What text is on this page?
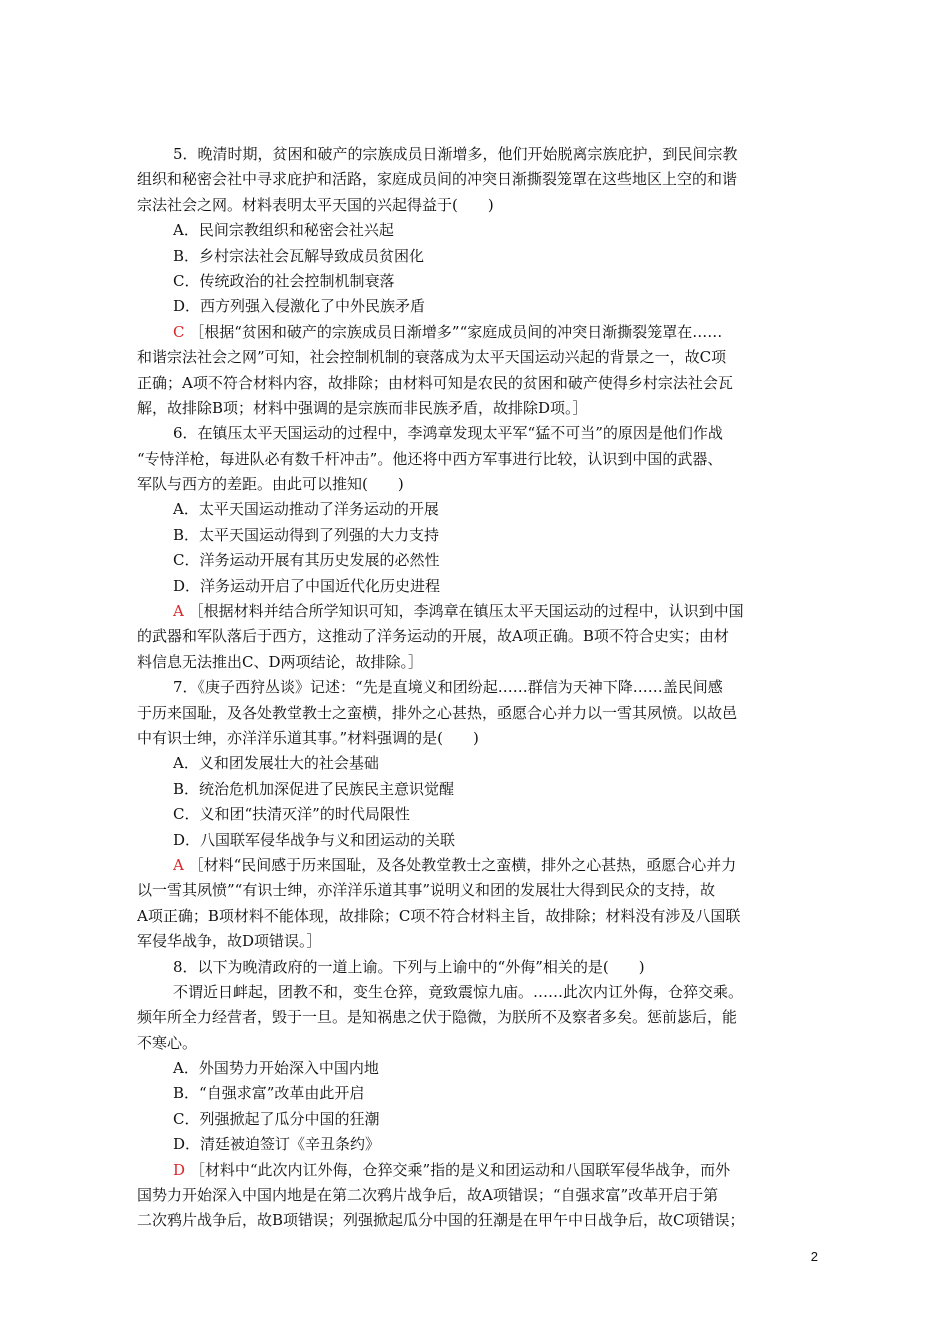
5．晚清时期，贫困和破产的宗族成员日渐增多，他们开始脱离宗族庇护，到民间宗教
组织和秘密会社中寻求庇护和活路，家庭成员间的冲突日渐撕裂笼罩在这些地区上空的和谐
宗法社会之网。材料表明太平天国的兴起得益于(　　)
A．民间宗教组织和秘密会社兴起
B．乡村宗法社会瓦解导致成员贫困化
C．传统政治的社会控制机制衰落
D．西方列强入侵激化了中外民族矛盾
C ［根据“贫困和破产的宗族成员日渐增多”“家庭成员间的冲突日渐撕裂笼罩在……
和谐宗法社会之网”可知，社会控制机制的衰落成为太平天国运动兴起的背景之一，故C项
正确；A项不符合材料内容，故排除；由材料可知是农民的贫困和破产使得乡村宗法社会瓦
解，故排除B项；材料中强调的是宗族而非民族矛盾，故排除D项。］
6．在镇压太平天国运动的过程中，李鸿章发现太平军“猛不可当”的原因是他们作战
“专恃洋枪，每进队必有数千杆冲击”。他还将中西方军事进行比较，认识到中国的武器、
军队与西方的差距。由此可以推知(　　)
A．太平天国运动推动了洋务运动的开展
B．太平天国运动得到了列强的大力支持
C．洋务运动开展有其历史发展的必然性
D．洋务运动开启了中国近代化历史进程
A ［根据材料并结合所学知识可知，李鸿章在镇压太平天国运动的过程中，认识到中国
的武器和军队落后于西方，这推动了洋务运动的开展，故A项正确。B项不符合史实；由材
料信息无法推出C、D两项结论，故排除。］
7．《庚子西狩丛谈》记述：“先是直境义和团纷起……群信为天神下降……盖民间感
于历来国耻，及各处教堂教士之蛮横，排外之心甚热，亟愿合心并力以一雪其夙愤。以故邑
中有识士绅，亦洋洋乐道其事。”材料强调的是(　　)
A．义和团发展壮大的社会基础
B．统治危机加深促进了民族民主意识觉醒
C．义和团“扶清灭洋”的时代局限性
D．八国联军侵华战争与义和团运动的关联
A ［材料“民间感于历来国耻，及各处教堂教士之蛮横，排外之心甚热，亟愿合心并力
以一雪其夙愤”“有识士绅，亦洋洋乐道其事”说明义和团的发展壮大得到民众的支持，故
A项正确；B项材料不能体现，故排除；C项不符合材料主旨，故排除；材料没有涉及八国联
军侵华战争，故D项错误。］
8．以下为晚清政府的一道上谕。下列与上谕中的“外侮”相关的是(　　)
不谓近日衅起，团教不和，变生仓猝，竟致震惊九庙。……此次内讧外侮，仓猝交乘。
频年所全力经营者，毁于一旦。是知祸患之伏于隐微，为朕所不及察者多矣。惩前毖后，能
不寒心。
A．外国势力开始深入中国内地
B．“自强求富”改革由此开启
C．列强掀起了瓜分中国的狂潮
D．清廷被迫签订《辛丑条约》
D ［材料中“此次内讧外侮，仓猝交乘”指的是义和团运动和八国联军侵华战争，而外
国势力开始深入中国内地是在第二次鸦片战争后，故A项错误；“自强求富”改革开启于第
二次鸦片战争后，故B项错误；列强掀起瓜分中国的狂潮是在甲午中日战争后，故C项错误；
2
